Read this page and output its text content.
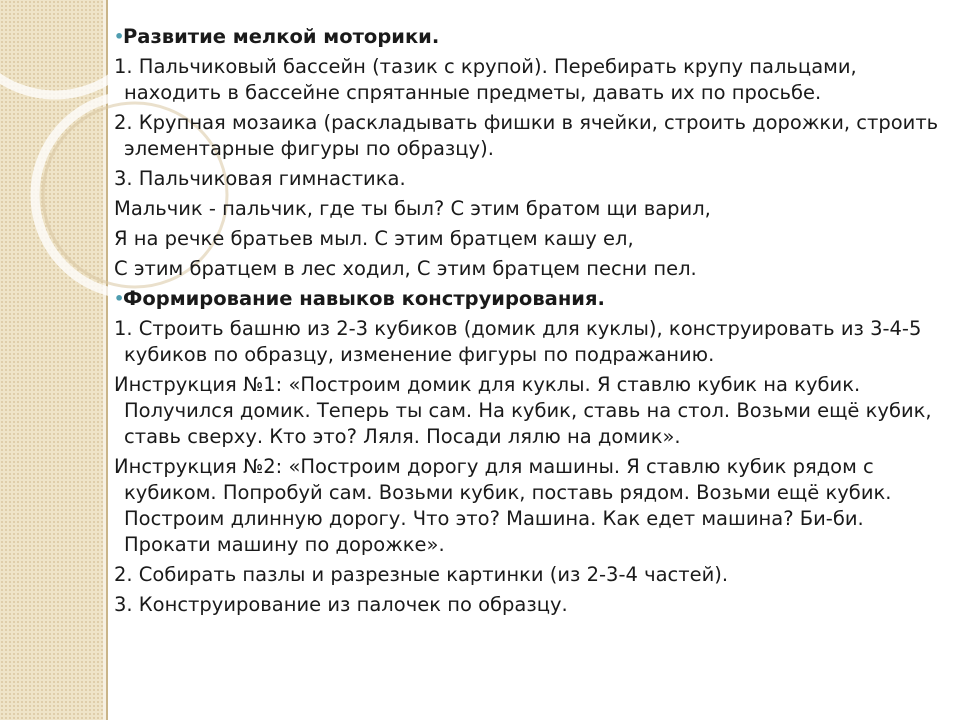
•Развитие мелкой моторики.
1. Пальчиковый бассейн (тазик с крупой). Перебирать крупу пальцами, находить в бассейне спрятанные предметы, давать их по просьбе.
2. Крупная мозаика (раскладывать фишки в ячейки, строить дорожки, строить элементарные фигуры по образцу).
3. Пальчиковая гимнастика.
Мальчик - пальчик, где ты был? С этим братом щи варил,
Я на речке братьев мыл. С этим братцем кашу ел,
С этим братцем в лес ходил, С этим братцем песни пел.
•Формирование навыков конструирования.
1. Строить башню из 2-3 кубиков (домик для куклы), конструировать из 3-4-5 кубиков по образцу, изменение фигуры по подражанию.
Инструкция №1: «Построим домик для куклы. Я ставлю кубик на кубик. Получился домик. Теперь ты сам. На кубик, ставь на стол. Возьми ещё кубик, ставь сверху. Кто это? Ляля. Посади лялю на домик».
Инструкция №2: «Построим дорогу для машины. Я ставлю кубик рядом с кубиком. Попробуй сам. Возьми кубик, поставь рядом. Возьми ещё кубик. Построим длинную дорогу. Что это? Машина. Как едет машина? Би-би. Прокати машину по дорожке».
2. Собирать пазлы и разрезные картинки (из 2-3-4 частей).
3. Конструирование из палочек по образцу.
